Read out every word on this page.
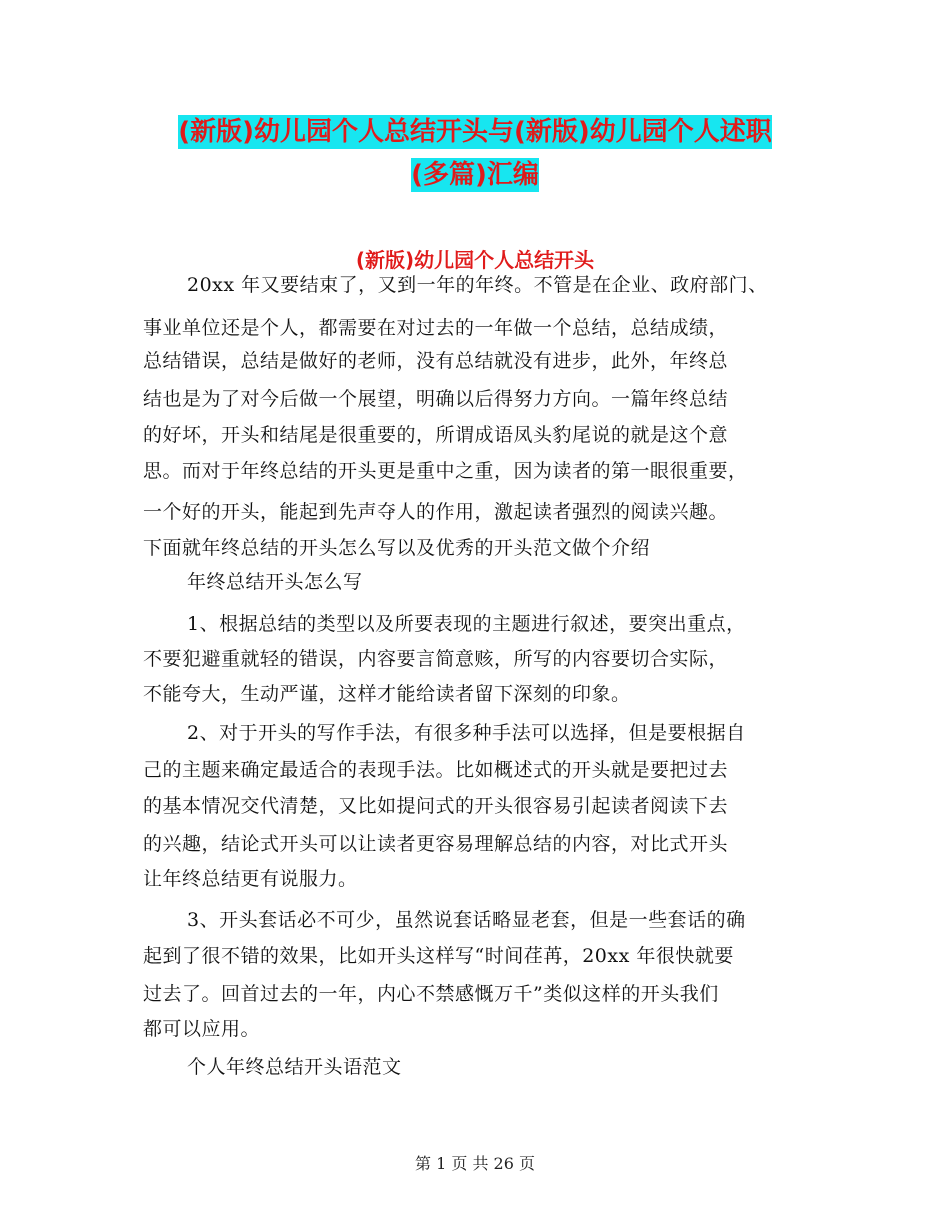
(新版)幼儿园个人总结开头与(新版)幼儿园个人述职
(多篇)汇编
(新版)幼儿园个人总结开头
20xx 年又要结束了，又到一年的年终。不管是在企业、政府部门、
事业单位还是个人，都需要在对过去的一年做一个总结，总结成绩，
总结错误，总结是做好的老师，没有总结就没有进步，此外，年终总
结也是为了对今后做一个展望，明确以后得努力方向。一篇年终总结
的好坏，开头和结尾是很重要的，所谓成语凤头豹尾说的就是这个意
思。而对于年终总结的开头更是重中之重，因为读者的第一眼很重要，
一个好的开头，能起到先声夺人的作用，激起读者强烈的阅读兴趣。
下面就年终总结的开头怎么写以及优秀的开头范文做个介绍
年终总结开头怎么写
1、根据总结的类型以及所要表现的主题进行叙述，要突出重点，
不要犯避重就轻的错误，内容要言简意赅，所写的内容要切合实际，
不能夸大，生动严谨，这样才能给读者留下深刻的印象。
2、对于开头的写作手法，有很多种手法可以选择，但是要根据自
己的主题来确定最适合的表现手法。比如概述式的开头就是要把过去
的基本情况交代清楚，又比如提问式的开头很容易引起读者阅读下去
的兴趣，结论式开头可以让读者更容易理解总结的内容，对比式开头
让年终总结更有说服力。
3、开头套话必不可少，虽然说套话略显老套，但是一些套话的确
起到了很不错的效果，比如开头这样写“时间荏苒，20xx 年很快就要
过去了。回首过去的一年，内心不禁感慨万千”类似这样的开头我们
都可以应用。
个人年终总结开头语范文
第 1 页 共 26 页
